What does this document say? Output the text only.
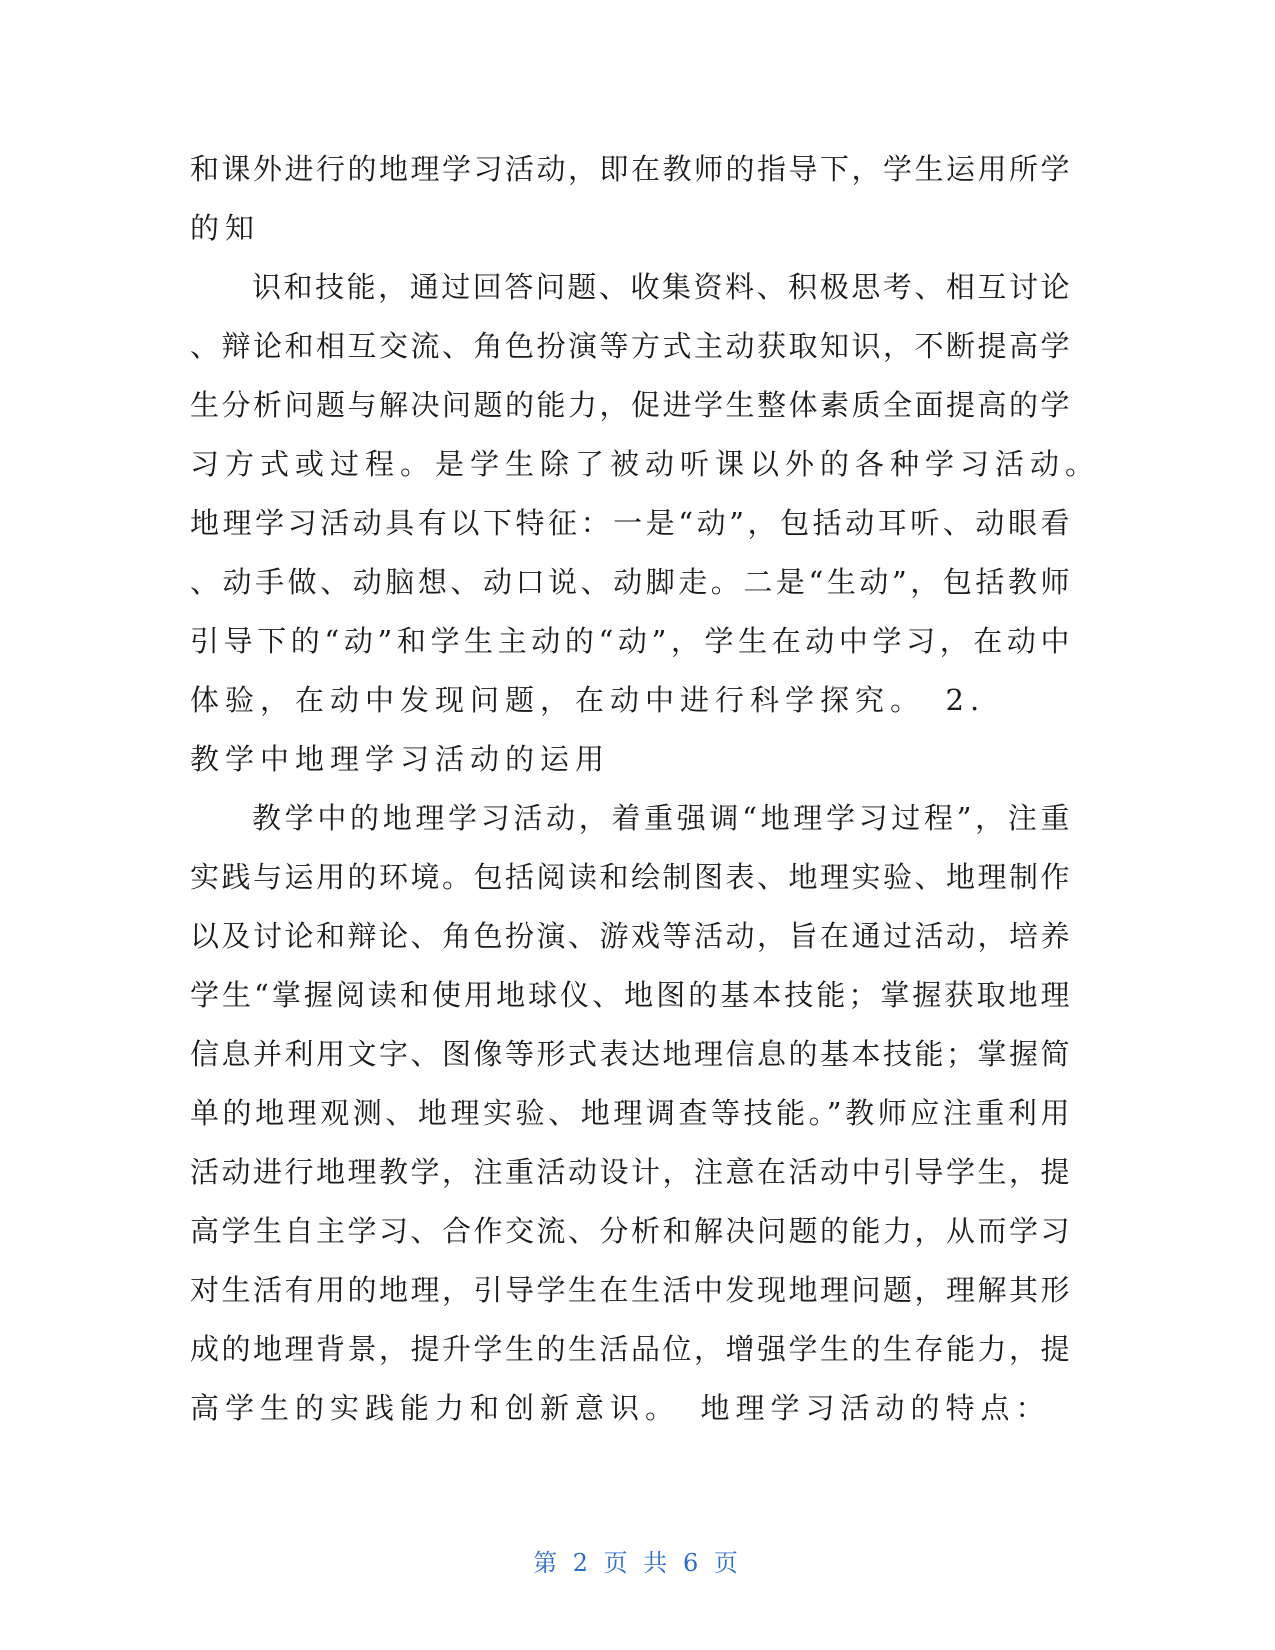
和课外进行的地理学习活动，即在教师的指导下，学生运用所学
的知
识和技能，通过回答问题、收集资料、积极思考、相互讨论
、辩论和相互交流、角色扮演等方式主动获取知识，不断提高学
生分析问题与解决问题的能力，促进学生整体素质全面提高的学
习方式或过程。是学生除了被动听课以外的各种学习活动。
地理学习活动具有以下特征：一是“动”，包括动耳听、动眼看
、动手做、动脑想、动口说、动脚走。二是“生动”，包括教师
引导下的“动”和学生主动的“动”，学生在动中学习，在动中
体验，在动中发现问题，在动中进行科学探究。　2.
教学中地理学习活动的运用
教学中的地理学习活动，着重强调“地理学习过程”，注重
实践与运用的环境。包括阅读和绘制图表、地理实验、地理制作
以及讨论和辩论、角色扮演、游戏等活动，旨在通过活动，培养
学生“掌握阅读和使用地球仪、地图的基本技能；掌握获取地理
信息并利用文字、图像等形式表达地理信息的基本技能；掌握简
单的地理观测、地理实验、地理调查等技能。”教师应注重利用
活动进行地理教学，注重活动设计，注意在活动中引导学生，提
高学生自主学习、合作交流、分析和解决问题的能力，从而学习
对生活有用的地理，引导学生在生活中发现地理问题，理解其形
成的地理背景，提升学生的生活品位，增强学生的生存能力，提
高学生的实践能力和创新意识。　地理学习活动的特点：
第 2 页 共 6 页
